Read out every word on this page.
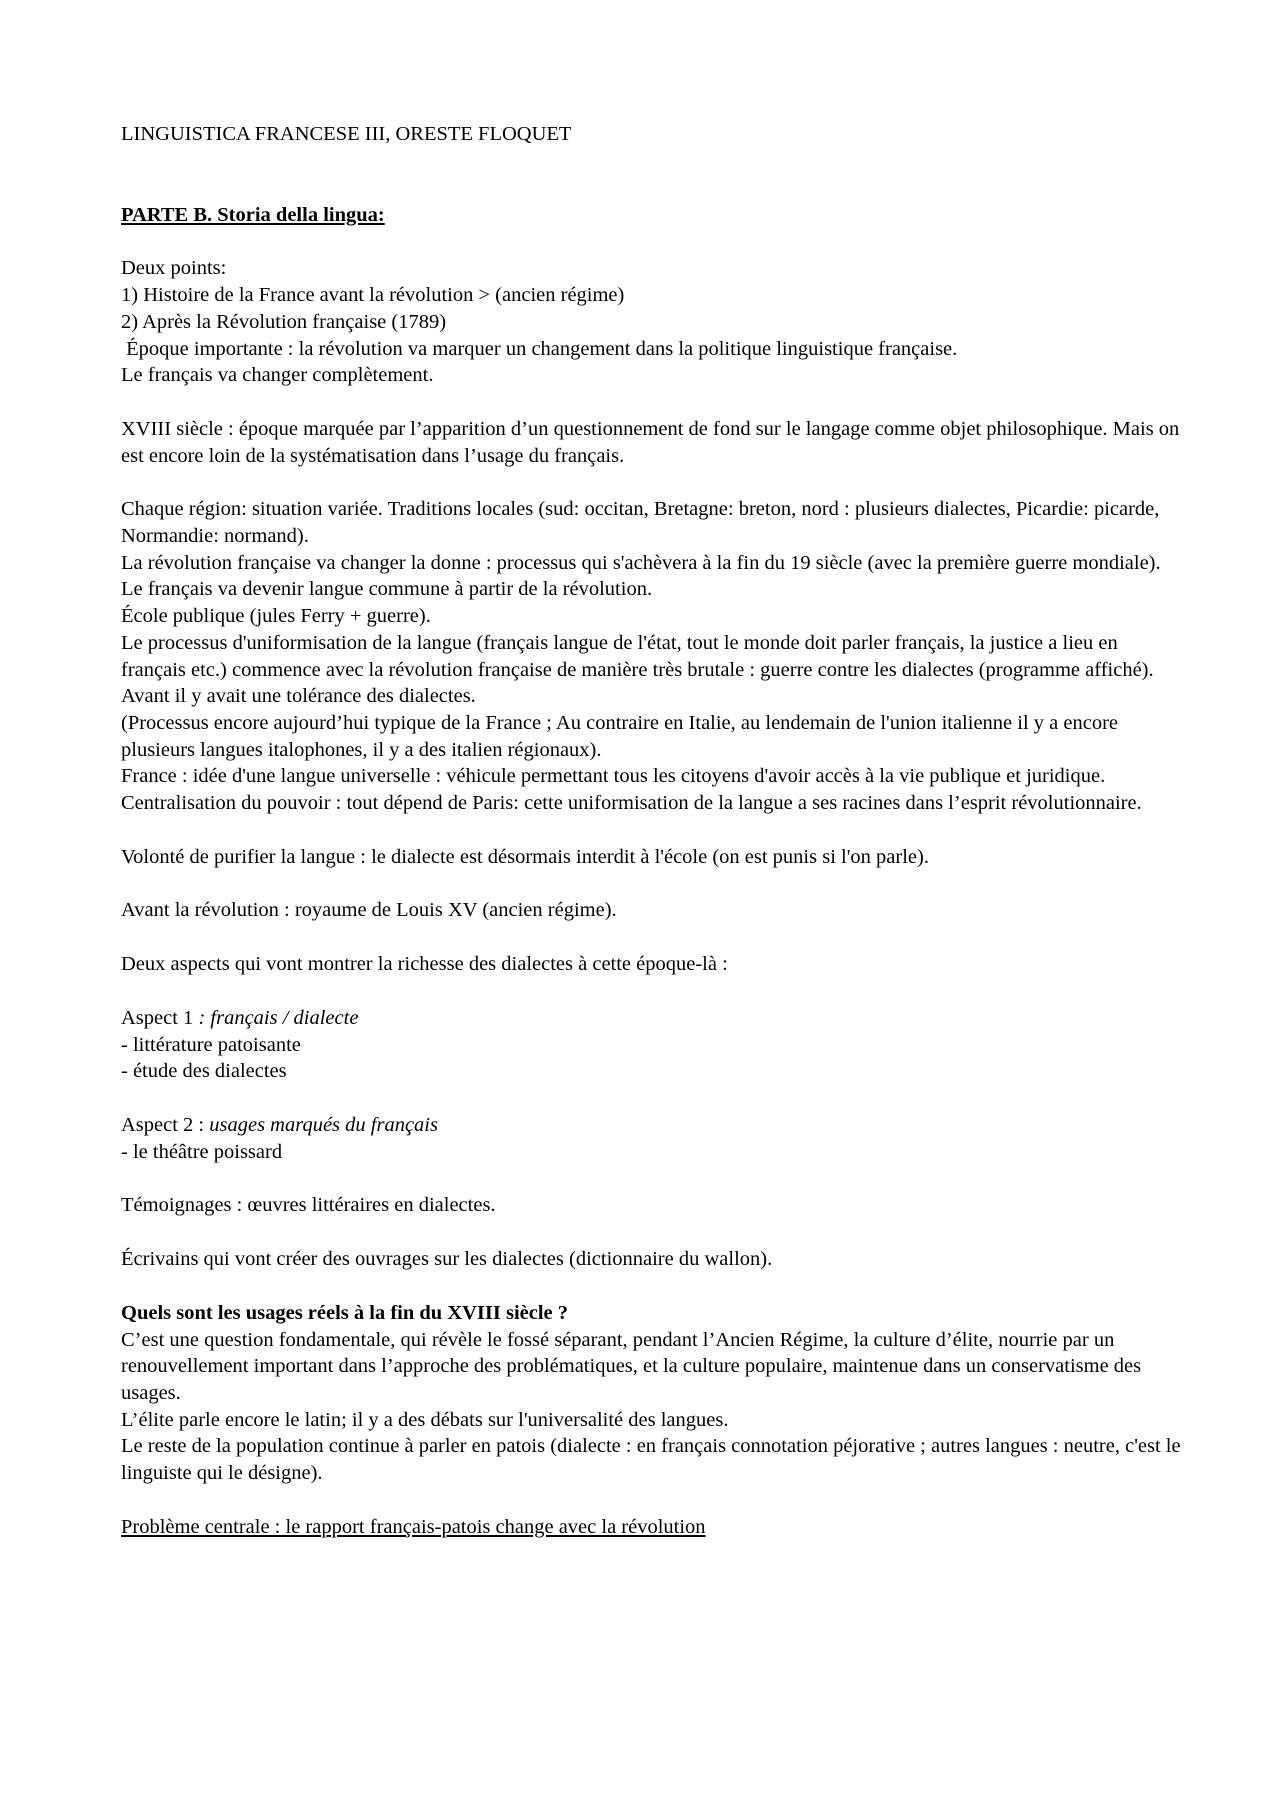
LINGUISTICA FRANCESE III, ORESTE FLOQUET

PARTE B. Storia della lingua:

Deux points:

1) Histoire de la France avant la révolution > (ancien régime)

2) Après la Révolution française (1789)

Époque importante : la révolution va marquer un changement dans la politique linguistique française.

Le français va changer complètement.

XVIII siècle : époque marquée par l’apparition d’un questionnement de fond sur le langage comme objet philosophique. Mais on est encore loin de la systématisation dans l’usage du français.

Chaque région: situation variée. Traditions locales (sud: occitan, Bretagne: breton, nord : plusieurs dialectes, Picardie: picarde, Normandie: normand).

La révolution française va changer la donne : processus qui s'achèvera à la fin du 19 siècle (avec la première guerre mondiale).

Le français va devenir langue commune à partir de la révolution.

École publique (jules Ferry + guerre).

Le processus d'uniformisation de la langue (français langue de l'état, tout le monde doit parler français, la justice a lieu en français etc.) commence avec la révolution française de manière très brutale : guerre contre les dialectes (programme affiché).

Avant il y avait une tolérance des dialectes.

(Processus encore aujourd’hui typique de la France ; Au contraire en Italie, au lendemain de l'union italienne il y a encore plusieurs langues italophones, il y a des italien régionaux).

France : idée d'une langue universelle : véhicule permettant tous les citoyens d'avoir accès à la vie publique et juridique.

Centralisation du pouvoir : tout dépend de Paris: cette uniformisation de la langue a ses racines dans l’esprit révolutionnaire.

Volonté de purifier la langue : le dialecte est désormais interdit à l'école (on est punis si l'on parle).

Avant la révolution : royaume de Louis XV (ancien régime).

Deux aspects qui vont montrer la richesse des dialectes à cette époque-là :

Aspect 1 : français / dialecte

- littérature patoisante

- étude des dialectes

Aspect 2 : usages marqués du français

- le théâtre poissard

Témoignages : œuvres littéraires en dialectes.

Écrivains qui vont créer des ouvrages sur les dialectes (dictionnaire du wallon).

Quels sont les usages réels à la fin du XVIII siècle ?

C’est une question fondamentale, qui révèle le fossé séparant, pendant l’Ancien Régime, la culture d’élite, nourrie par un renouvellement important dans l’approche des problématiques, et la culture populaire, maintenue dans un conservatisme des usages.

L’élite parle encore le latin; il y a des débats sur l'universalité des langues.

Le reste de la population continue à parler en patois (dialecte : en français connotation péjorative ; autres langues : neutre, c'est le linguiste qui le désigne).

Problème centrale : le rapport français-patois change avec la révolution
